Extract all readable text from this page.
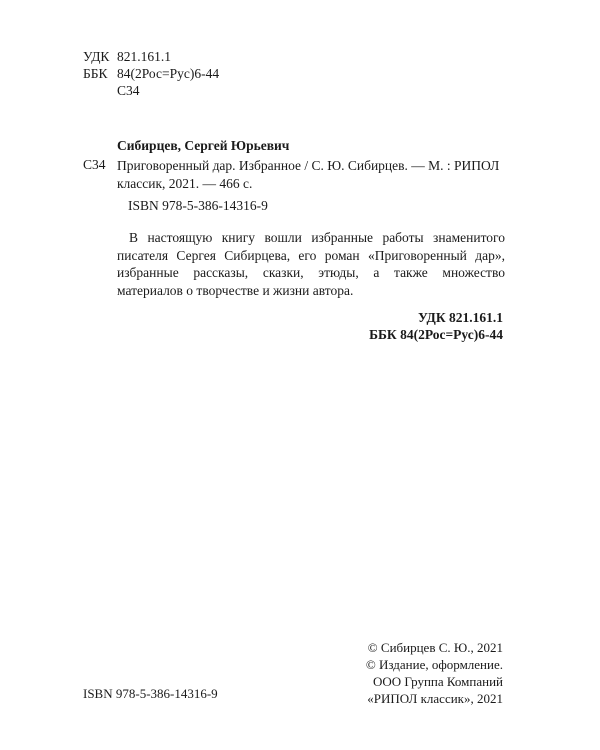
УДК 821.161.1
ББК 84(2Рос=Рус)6-44
С34
Сибирцев, Сергей Юрьевич
С34 Приговоренный дар. Избранное / С. Ю. Сибирцев. — М. : РИПОЛ классик, 2021. — 466 с.

ISBN 978-5-386-14316-9

В настоящую книгу вошли избранные работы знаменитого писателя Сергея Сибирцева, его роман «Приговоренный дар», избранные рассказы, сказки, этюды, а также множество материалов о творчестве и жизни автора.

УДК 821.161.1
ББК 84(2Рос=Рус)6-44
© Сибирцев С. Ю., 2021
© Издание, оформление.
ООО Группа Компаний
«РИПОЛ классик», 2021
ISBN 978-5-386-14316-9
